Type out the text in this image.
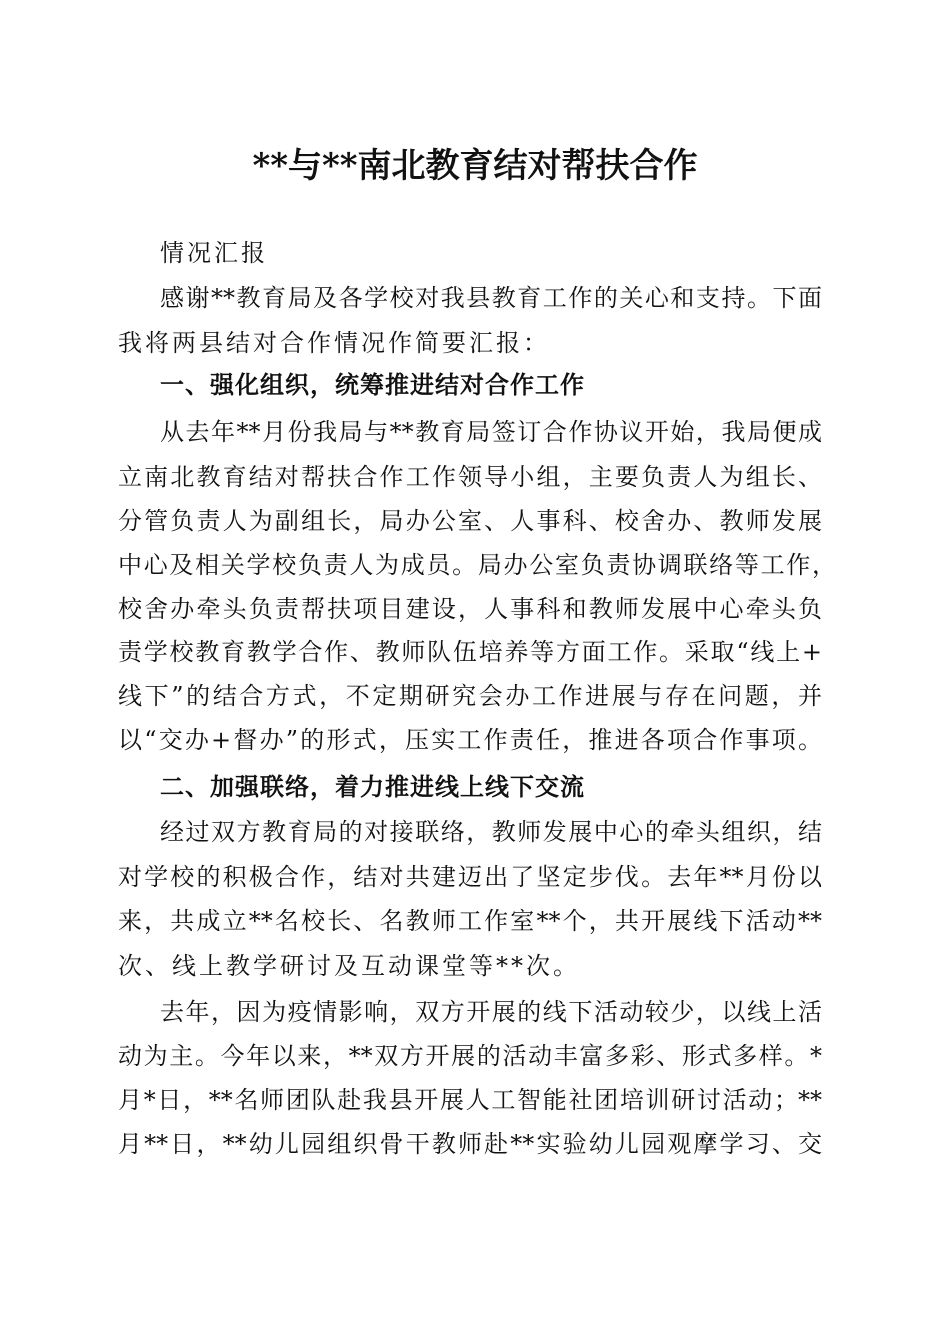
**与**南北教育结对帮扶合作
情况汇报
感谢**教育局及各学校对我县教育工作的关心和支持。下面
我将两县结对合作情况作简要汇报：
一、强化组织，统筹推进结对合作工作
从去年**月份我局与**教育局签订合作协议开始，我局便成
立南北教育结对帮扶合作工作领导小组，主要负责人为组长、
分管负责人为副组长，局办公室、人事科、校舍办、教师发展
中心及相关学校负责人为成员。局办公室负责协调联络等工作，
校舍办牵头负责帮扶项目建设，人事科和教师发展中心牵头负
责学校教育教学合作、教师队伍培养等方面工作。采取“线上+
线下”的结合方式，不定期研究会办工作进展与存在问题，并
以“交办+督办”的形式，压实工作责任，推进各项合作事项。
二、加强联络，着力推进线上线下交流
经过双方教育局的对接联络，教师发展中心的牵头组织，结
对学校的积极合作，结对共建迈出了坚定步伐。去年**月份以
来，共成立**名校长、名教师工作室**个，共开展线下活动**
次、线上教学研讨及互动课堂等**次。
去年，因为疫情影响，双方开展的线下活动较少，以线上活
动为主。今年以来，**双方开展的活动丰富多彩、形式多样。*
月*日，**名师团队赴我县开展人工智能社团培训研讨活动；**
月**日，**幼儿园组织骨干教师赴**实验幼儿园观摩学习、交
